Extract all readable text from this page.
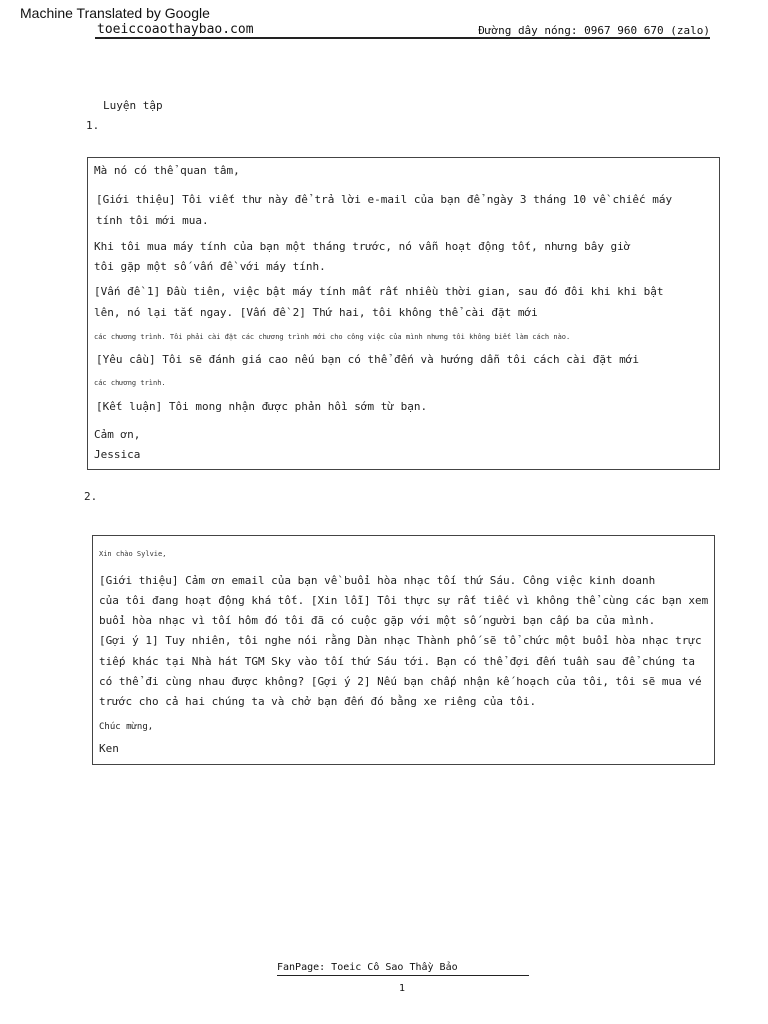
Machine Translated by Google
toeiccoaothaybao.com	Đường dây nóng: 0967 960 670 (zalo)
Luyện tập
1.
Mà nó có thể quan tâm,
[Giới thiệu] Tôi viết thư này để trả lời e-mail của bạn để ngày 3 tháng 10 về chiếc máy
tính tôi mới mua.
Khi tôi mua máy tính của bạn một tháng trước, nó vẫn hoạt động tốt, nhưng bây giờ
tôi gặp một số vấn đề với máy tính.
[Vấn đề 1] Đầu tiên, việc bật máy tính mất rất nhiều thời gian, sau đó đôi khi khi bật
lên, nó lại tắt ngay. [Vấn đề 2] Thứ hai, tôi không thể cài đặt mới
các chương trình. Tôi phải cài đặt các chương trình mới cho công việc của mình nhưng tôi không biết làm cách nào.
[Yêu cầu] Tôi sẽ đánh giá cao nếu bạn có thể đến và hướng dẫn tôi cách cài đặt mới
các chương trình.
[Kết luận] Tôi mong nhận được phản hồi sớm từ bạn.
Cảm ơn,
Jessica
2.
Xin chào Sylvie,
[Giới thiệu] Cảm ơn email của bạn về buổi hòa nhạc tối thứ Sáu. Công việc kinh doanh
của tôi đang hoạt động khá tốt. [Xin lỗi] Tôi thực sự rất tiếc vì không thể cùng các bạn xem
buổi hòa nhạc vì tối hôm đó tôi đã có cuộc gặp với một số người bạn cấp ba của mình.
[Gợi ý 1] Tuy nhiên, tôi nghe nói rằng Dàn nhạc Thành phố sẽ tổ chức một buổi hòa nhạc trực
tiếp khác tại Nhà hát TGM Sky vào tối thứ Sáu tới. Bạn có thể đợi đến tuần sau để chúng ta
có thể đi cùng nhau được không? [Gợi ý 2] Nếu bạn chấp nhận kế hoạch của tôi, tôi sẽ mua vé
trước cho cả hai chúng ta và chở bạn đến đó bằng xe riêng của tôi.
Chúc mừng,
Ken
FanPage: Toeic Cô Sao Thầy Bảo
1
